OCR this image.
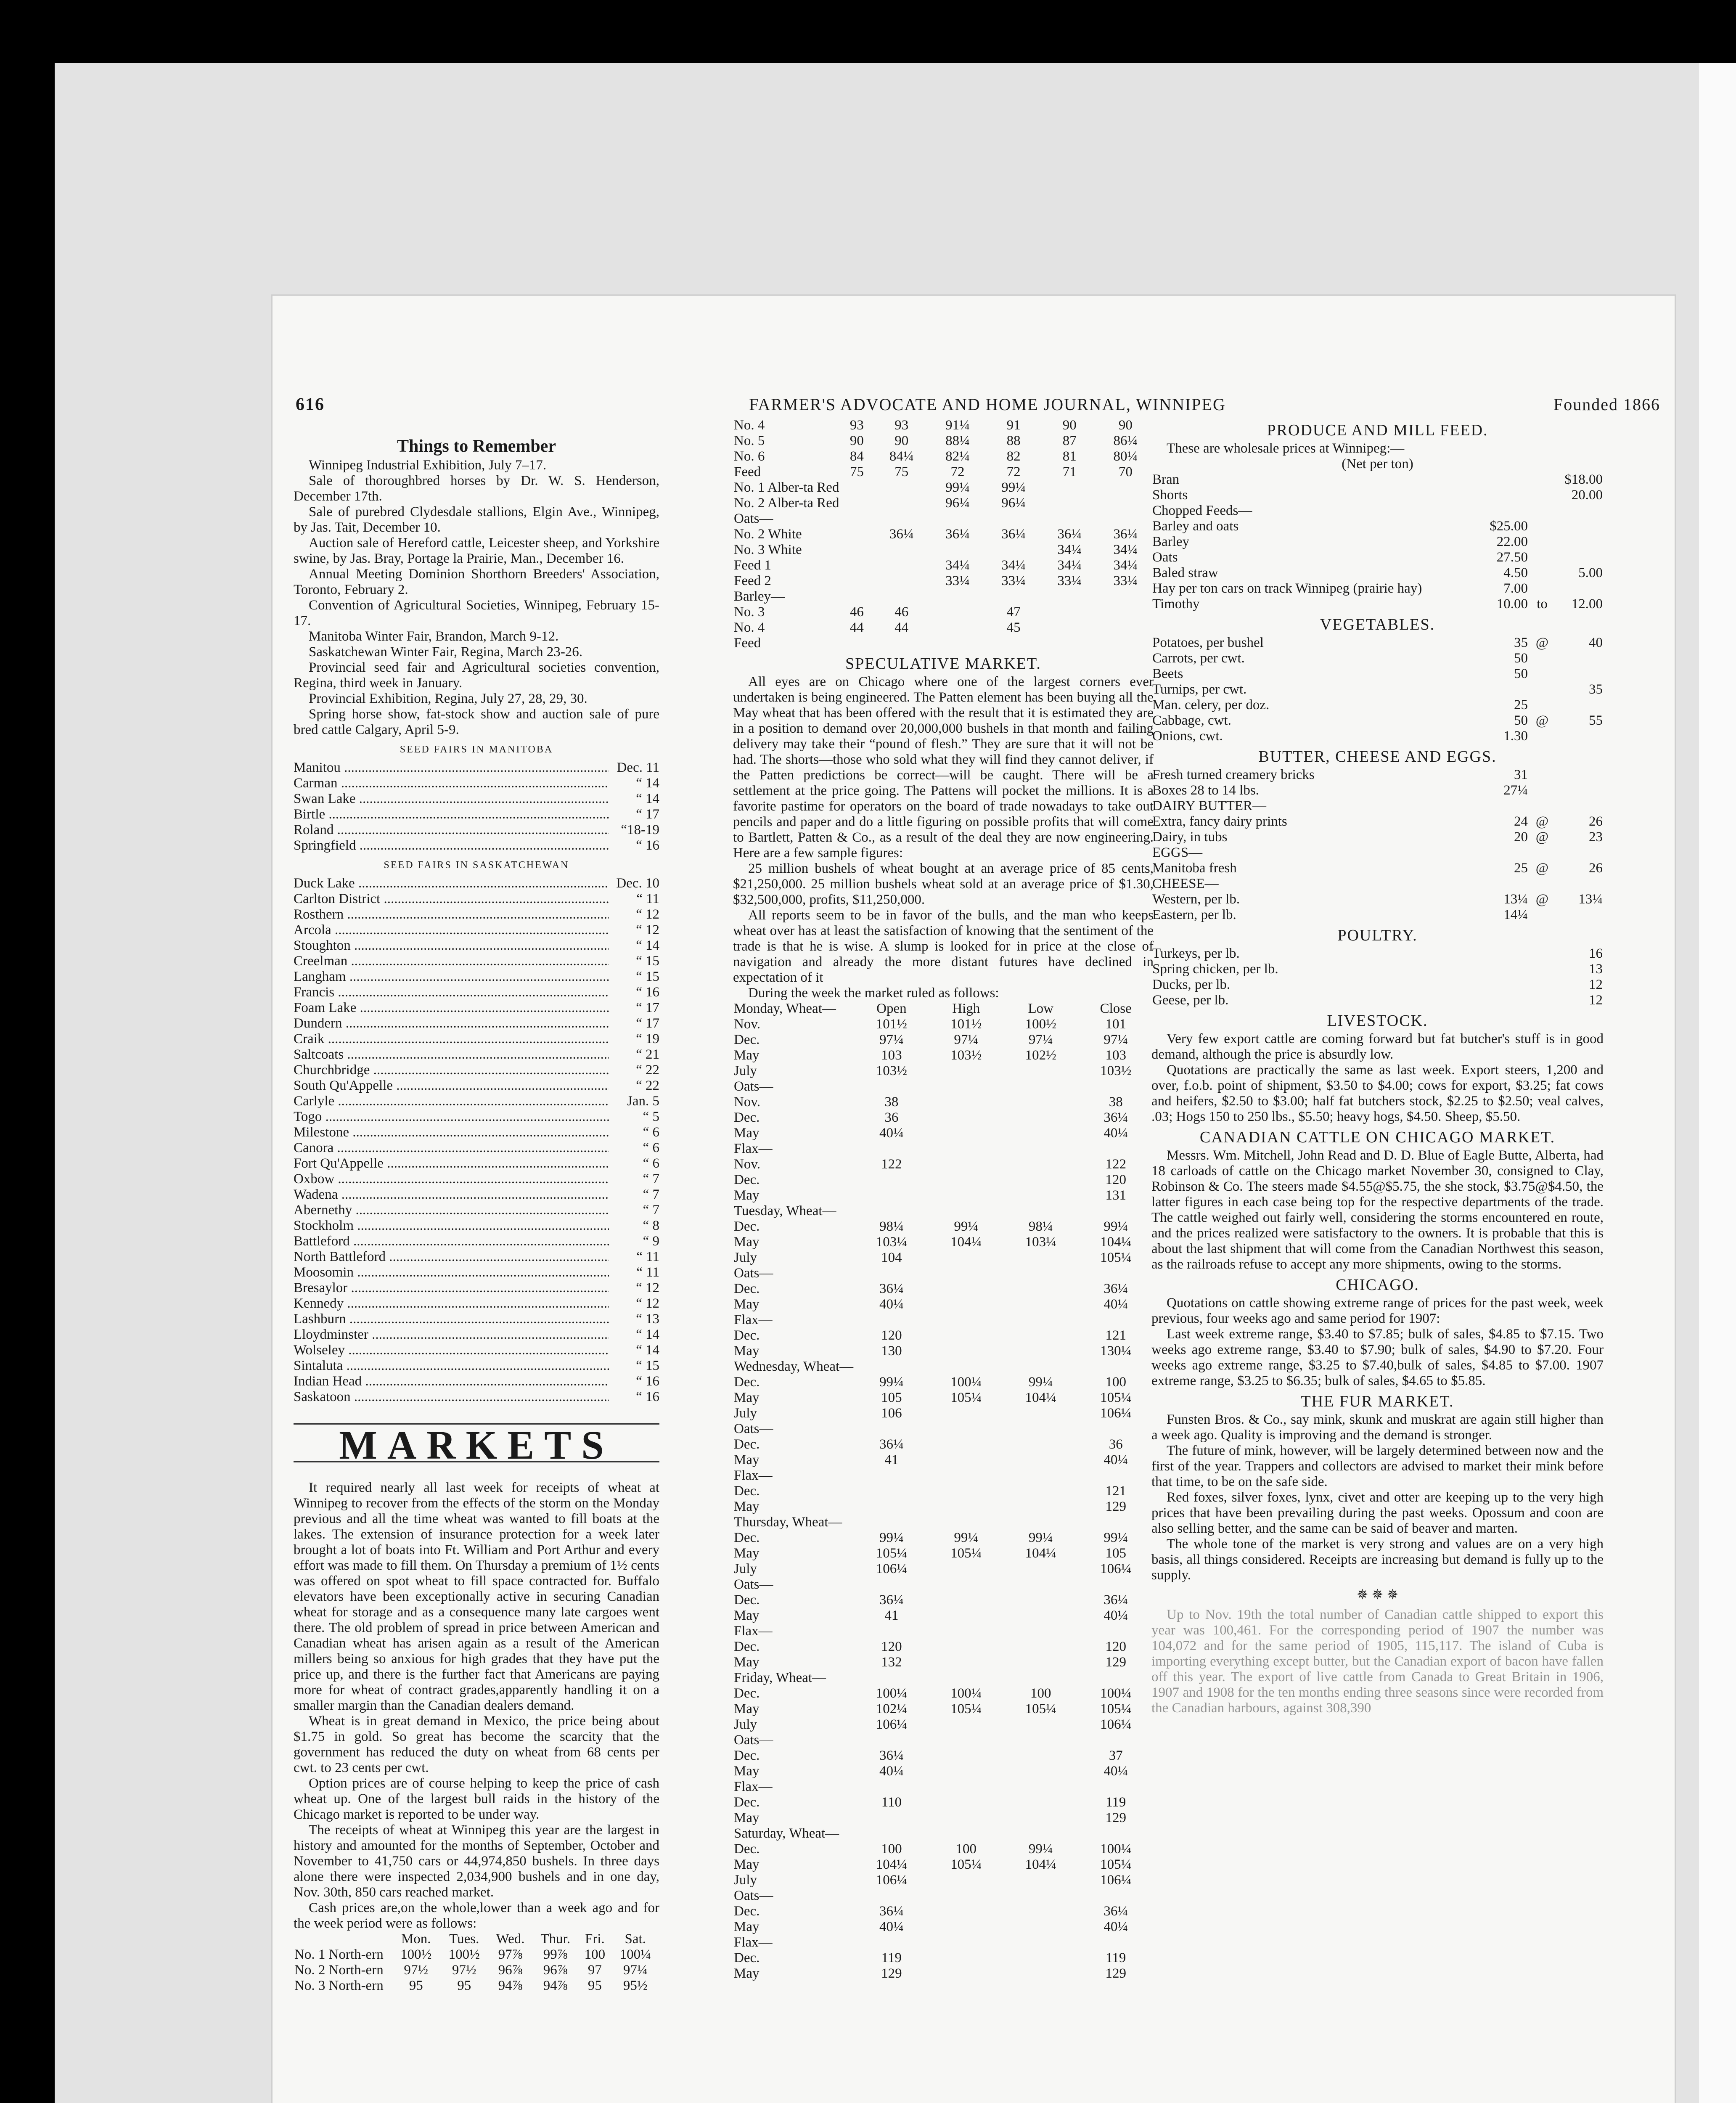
616	FARMER'S ADVOCATE AND HOME JOURNAL, WINNIPEG	Founded 1866
Things to Remember
Winnipeg Industrial Exhibition, July 7–17.
Sale of thoroughbred horses by Dr. W. S. Henderson, December 17th.
Sale of purebred Clydesdale stallions, Elgin Ave., Winnipeg, by Jas. Tait, December 10.
Auction sale of Hereford cattle, Leicester sheep, and Yorkshire swine, by Jas. Bray, Portage la Prairie, Man., December 16.
Annual Meeting Dominion Shorthorn Breeders' Association, Toronto, February 2.
Convention of Agricultural Societies, Winnipeg, February 15-17.
Manitoba Winter Fair, Brandon, March 9-12.
Saskatchewan Winter Fair, Regina, March 23-26.
Provincial seed fair and Agricultural societies convention, Regina, third week in January.
Provincial Exhibition, Regina, July 27, 28, 29, 30.
Spring horse show, fat-stock show and auction sale of pure bred cattle Calgary, April 5-9.
SEED FAIRS IN MANITOBA
Manitou .....	Dec. 11
Carman .....	“ 14
Swan Lake .....	“ 14
Birtle .....	“ 17
Roland .....	“18-19
Springfield .....	“ 16
SEED FAIRS IN SASKATCHEWAN
Duck Lake .....	Dec. 10
Carlton District .....	“ 11
Rosthern .....	“ 12
Arcola .....	“ 12
Stoughton .....	“ 14
Creelman .....	“ 15
Langham .....	“ 15
Francis .....	“ 16
Foam Lake .....	“ 17
Dundern .....	“ 17
Craik .....	“ 19
Saltcoats .....	“ 21
Churchbridge .....	“ 22
South Qu'Appelle .....	“ 22
Carlyle .....	Jan. 5
Togo .....	“ 5
Milestone .....	“ 6
Canora .....	“ 6
Fort Qu'Appelle .....	“ 6
Oxbow .....	“ 7
Wadena .....	“ 7
Abernethy .....	“ 7
Stockholm .....	“ 8
Battleford .....	“ 9
North Battleford .....	“ 11
Moosomin .....	“ 11
Bresaylor .....	“ 12
Kennedy .....	“ 12
Lashburn .....	“ 13
Lloydminster .....	“ 14
Wolseley .....	“ 14
Sintaluta .....	“ 15
Indian Head .....	“ 16
Saskatoon .....	“ 16
MARKETS
It required nearly all last week for receipts of wheat at Winnipeg to recover from the effects of the storm on the Monday previous and all the time wheat was wanted to fill boats at the lakes. The extension of insurance protection for a week later brought a lot of boats into Ft. William and Port Arthur and every effort was made to fill them. On Thursday a premium of 1½ cents was offered on spot wheat to fill space contracted for. Buffalo elevators have been exceptionally active in securing Canadian wheat for storage and as a consequence many late cargoes went there. The old problem of spread in price between American and Canadian wheat has arisen again as a result of the American millers being so anxious for high grades that they have put the price up, and there is the further fact that Americans are paying more for wheat of contract grades,apparently handling it on a smaller margin than the Canadian dealers demand.
Wheat is in great demand in Mexico, the price being about $1.75 in gold. So great has become the scarcity that the government has reduced the duty on wheat from 68 cents per cwt. to 23 cents per cwt.
Option prices are of course helping to keep the price of cash wheat up. One of the largest bull raids in the history of the Chicago market is reported to be under way.
The receipts of wheat at Winnipeg this year are the largest in history and amounted for the months of September, October and November to 41,750 cars or 44,974,850 bushels. In three days alone there were inspected 2,034,900 bushels and in one day, Nov. 30th, 850 cars reached market.
Cash prices are,on the whole,lower than a week ago and for the week period were as follows:
	Mon.	Tues.	Wed.	Thur.	Fri.	Sat.
No. 1 North-ern	100½	100½	97⅞	99⅞	100	100¼
No. 2 North-ern	97½	97½	96⅞	96⅞	97	97¼
No. 3 North-ern	95	95	94⅞	94⅞	95	95½
No. 4	93	93	91¼	91	90	90
No. 5	90	90	88¼	88	87	86¼
No. 6	84	84¼	82¼	82	81	80¼
Feed	75	75	72	72	71	70
No. 1 Alber-ta Red			99¼	99¼		
No. 2 Alber-ta Red			96¼	96¼		
Oats—						
No. 2 White		36¼	36¼	36¼	36¼	36¼
No. 3 White					34¼	34¼
Feed 1			34¼	34¼	34¼	34¼
Feed 2			33¼	33¼	33¼	33¼
Barley—						
No. 3	46	46		47		
No. 4	44	44		45		
Feed						
SPECULATIVE MARKET.
All eyes are on Chicago where one of the largest corners ever undertaken is being engineered. The Patten element has been buying all the May wheat that has been offered with the result that it is estimated they are in a position to demand over 20,000,000 bushels in that month and failing delivery may take their “pound of flesh.” They are sure that it will not be had. The shorts—those who sold what they will find they cannot deliver, if the Patten predictions be correct—will be caught. There will be a settlement at the price going. The Pattens will pocket the millions. It is a favorite pastime for operators on the board of trade nowadays to take out pencils and paper and do a little figuring on possible profits that will come to Bartlett, Patten & Co., as a result of the deal they are now engineering. Here are a few sample figures:
25 million bushels of wheat bought at an average price of 85 cents, $21,250,000. 25 million bushels wheat sold at an average price of $1.30, $32,500,000, profits, $11,250,000.
All reports seem to be in favor of the bulls, and the man who keeps wheat over has at least the satisfaction of knowing that the sentiment of the trade is that he is wise. A slump is looked for in price at the close of navigation and already the more distant futures have declined in expectation of it
During the week the market ruled as follows:
Monday, Wheat—	Open	High	Low	Close
Nov.	101½	101½	100½	101
Dec.	97¼	97¼	97¼	97¼
May	103	103½	102½	103
July	103½			103½
Oats—				
Nov.	38			38
Dec.	36			36¼
May	40¼			40¼
Flax—				
Nov.	122			122
Dec.				120
May				131
Tuesday, Wheat—				
Dec.	98¼	99¼	98¼	99¼
May	103¼	104¼	103¼	104¼
July	104			105¼
Oats—				
Dec.	36¼			36¼
May	40¼			40¼
Flax—				
Dec.	120			121
May	130			130¼
Wednesday, Wheat—				
Dec.	99¼	100¼	99¼	100
May	105	105¼	104¼	105¼
July	106			106¼
Oats—				
Dec.	36¼			36
May	41			40¼
Flax—				
Dec.				121
May				129
Thursday, Wheat—				
Dec.	99¼	99¼	99¼	99¼
May	105¼	105¼	104¼	105
July	106¼			106¼
Oats—				
Dec.	36¼			36¼
May	41			40¼
Flax—				
Dec.	120			120
May	132			129
Friday, Wheat—				
Dec.	100¼	100¼	100	100¼
May	102¼	105¼	105¼	105¼
July	106¼			106¼
Oats—				
Dec.	36¼			37
May	40¼			40¼
Flax—				
Dec.	110			119
May				129
Saturday, Wheat—				
Dec.	100	100	99¼	100¼
May	104¼	105¼	104¼	105¼
July	106¼			106¼
Oats—				
Dec.	36¼			36¼
May	40¼			40¼
Flax—				
Dec.	119			119
May	129			129
PRODUCE AND MILL FEED.
These are wholesale prices at Winnipeg:—
(Net per ton)
Bran			$18.00
Shorts			20.00
Chopped Feeds—			
Barley and oats	$25.00		
Barley	22.00		
Oats	27.50		
Baled straw	4.50		5.00
Hay per ton cars on track Winnipeg (prairie hay)	7.00		
Timothy	10.00	to	12.00
VEGETABLES.
Potatoes, per bushel	35	@	40
Carrots, per cwt.	50		
Beets	50		
Turnips, per cwt.			35
Man. celery, per doz.	25		
Cabbage, cwt.	50	@	55
Onions, cwt.	1.30		
BUTTER, CHEESE AND EGGS.
Fresh turned creamery bricks	31		
Boxes 28 to 14 lbs.	27¼		
DAIRY BUTTER—			
Extra, fancy dairy prints	24	@	26
Dairy, in tubs	20	@	23
EGGS—			
Manitoba fresh	25	@	26
CHEESE—			
Western, per lb.	13¼	@	13¼
Eastern, per lb.	14¼		
POULTRY.
Turkeys, per lb.			16
Spring chicken, per lb.			13
Ducks, per lb.			12
Geese, per lb.			12
LIVESTOCK.
Very few export cattle are coming forward but fat butcher's stuff is in good demand, although the price is absurdly low.
Quotations are practically the same as last week. Export steers, 1,200 and over, f.o.b. point of shipment, $3.50 to $4.00; cows for export, $3.25; fat cows and heifers, $2.50 to $3.00; half fat butchers stock, $2.25 to $2.50; veal calves, .03; Hogs 150 to 250 lbs., $5.50; heavy hogs, $4.50. Sheep, $5.50.
CANADIAN CATTLE ON CHICAGO MARKET.
Messrs. Wm. Mitchell, John Read and D. D. Blue of Eagle Butte, Alberta, had 18 carloads of cattle on the Chicago market November 30, consigned to Clay, Robinson & Co. The steers made $4.55@$5.75, the she stock, $3.75@$4.50, the latter figures in each case being top for the respective departments of the trade. The cattle weighed out fairly well, considering the storms encountered en route, and the prices realized were satisfactory to the owners. It is probable that this is about the last shipment that will come from the Canadian Northwest this season, as the railroads refuse to accept any more shipments, owing to the storms.
CHICAGO.
Quotations on cattle showing extreme range of prices for the past week, week previous, four weeks ago and same period for 1907:
Last week extreme range, $3.40 to $7.85; bulk of sales, $4.85 to $7.15. Two weeks ago extreme range, $3.40 to $7.90; bulk of sales, $4.90 to $7.20. Four weeks ago extreme range, $3.25 to $7.40,bulk of sales, $4.85 to $7.00. 1907 extreme range, $3.25 to $6.35; bulk of sales, $4.65 to $5.85.
THE FUR MARKET.
Funsten Bros. & Co., say mink, skunk and muskrat are again still higher than a week ago. Quality is improving and the demand is stronger.
The future of mink, however, will be largely determined between now and the first of the year. Trappers and collectors are advised to market their mink before that time, to be on the safe side.
Red foxes, silver foxes, lynx, civet and otter are keeping up to the very high prices that have been prevailing during the past weeks. Opossum and coon are also selling better, and the same can be said of beaver and marten.
The whole tone of the market is very strong and values are on a very high basis, all things considered. Receipts are increasing but demand is fully up to the supply.
✵ ✵ ✵
Up to Nov. 19th the total number of Canadian cattle shipped to export this year was 100,461. For the corresponding period of 1907 the number was 104,072 and for the same period of 1905, 115,117. The island of Cuba is importing everything except butter, but the Canadian export of bacon have fallen off this year. The export of live cattle from Canada to Great Britain in 1906, 1907 and 1908 for the ten months ending three seasons since were recorded from the Canadian harbours, against 308,390
